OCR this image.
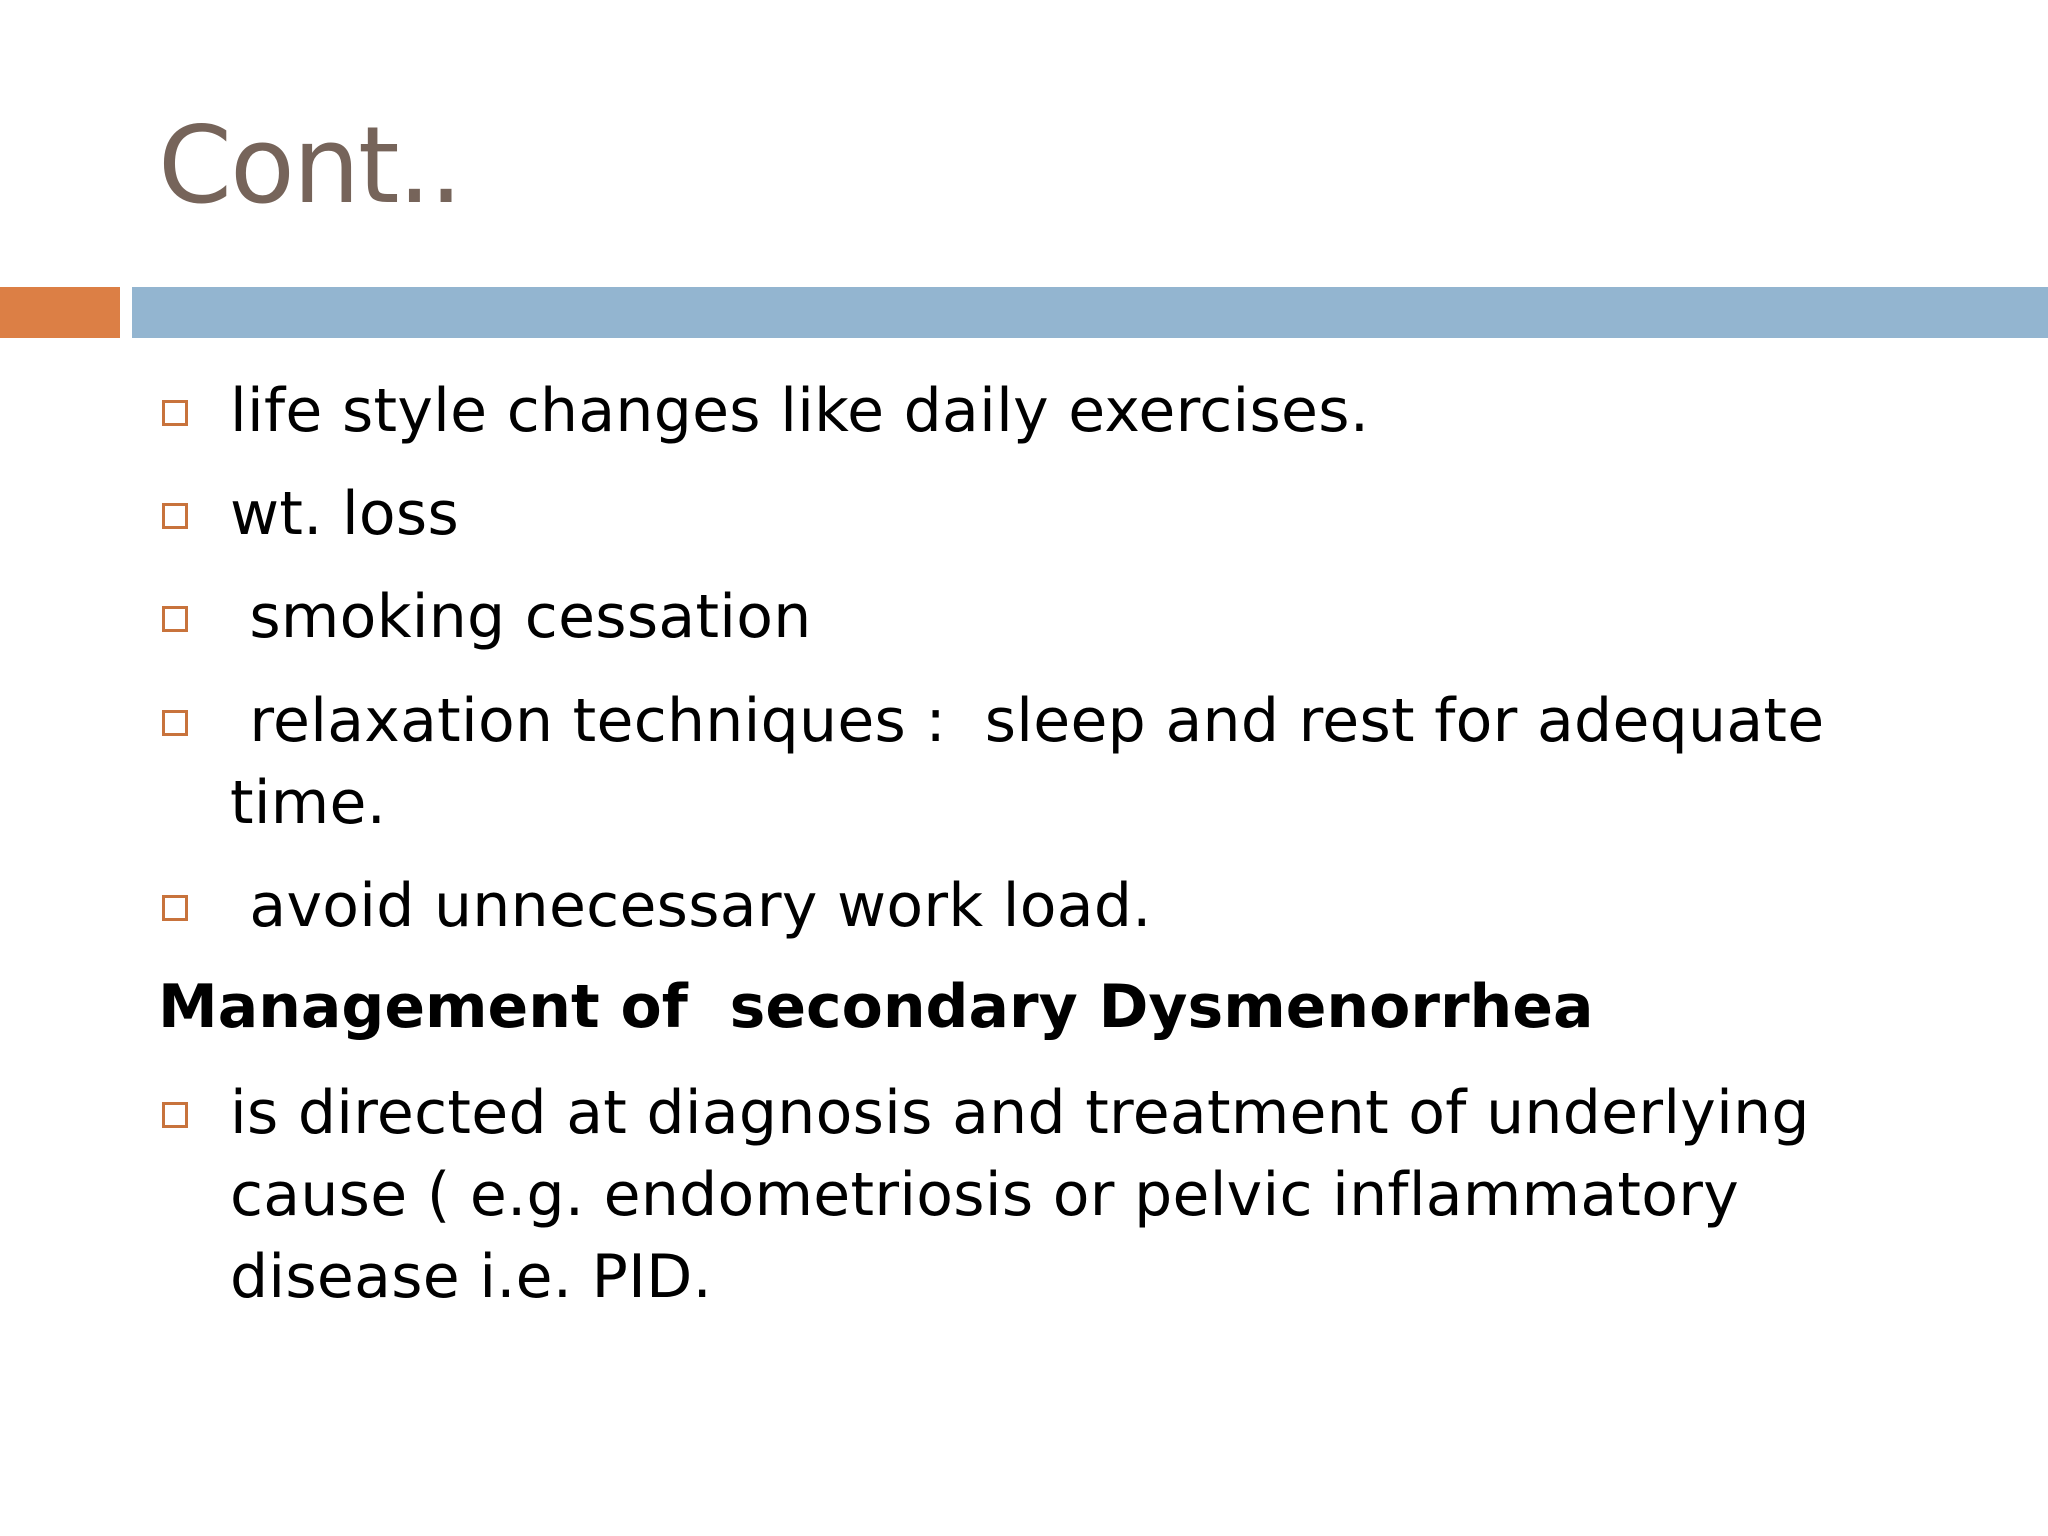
Cont..
life style changes like daily exercises.
wt. loss
smoking cessation
relaxation techniques :  sleep and rest for adequate
time.
avoid unnecessary work load.
Management of  secondary Dysmenorrhea
is directed at diagnosis and treatment of underlying
cause ( e.g. endometriosis or pelvic inflammatory
disease i.e. PID.
